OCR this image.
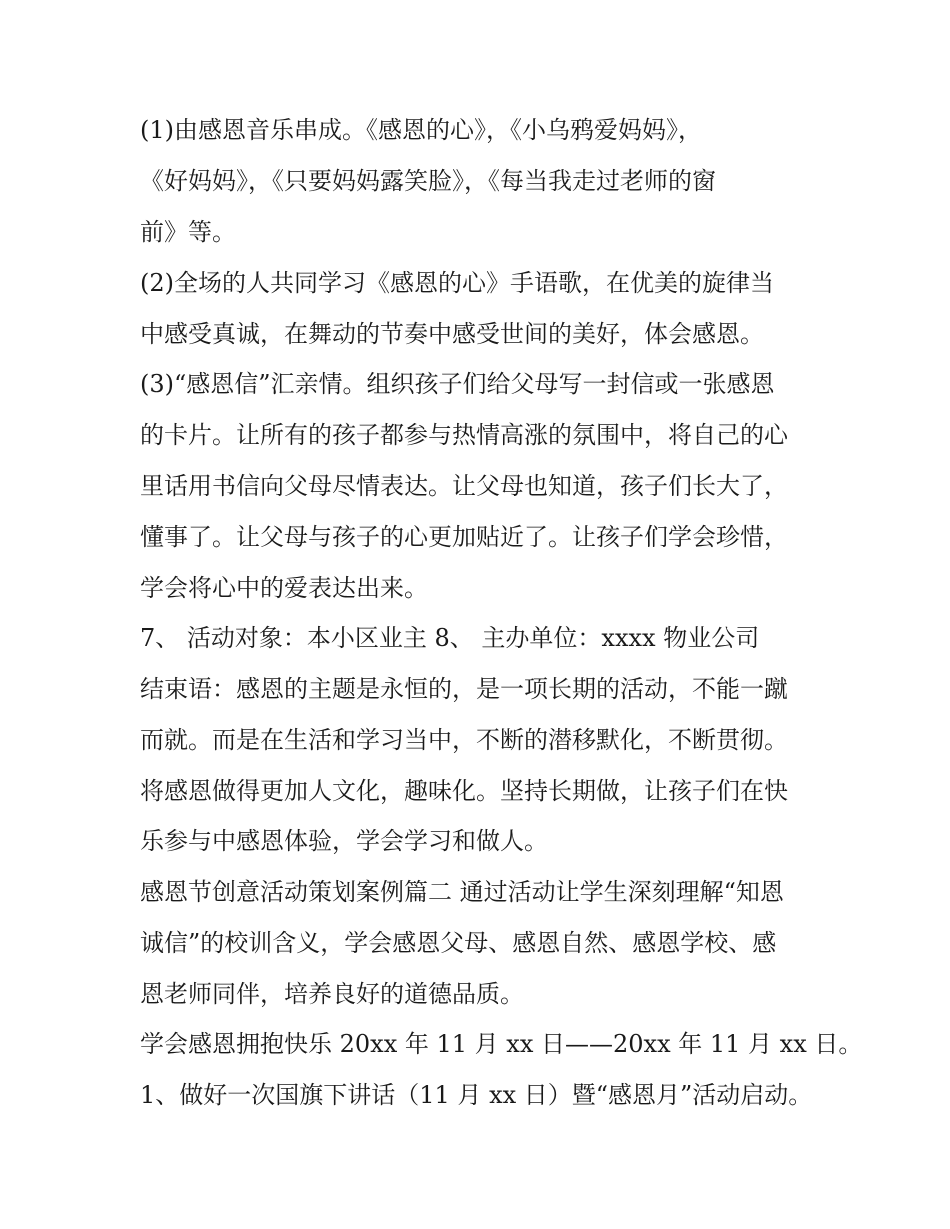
(1)由感恩音乐串成。《感恩的心》，《小乌鸦爱妈妈》，
《好妈妈》，《只要妈妈露笑脸》，《每当我走过老师的窗
前》等。
(2)全场的人共同学习《感恩的心》手语歌，在优美的旋律当
中感受真诚，在舞动的节奏中感受世间的美好，体会感恩。
(3)“感恩信”汇亲情。组织孩子们给父母写一封信或一张感恩
的卡片。让所有的孩子都参与热情高涨的氛围中，将自己的心
里话用书信向父母尽情表达。让父母也知道，孩子们长大了，
懂事了。让父母与孩子的心更加贴近了。让孩子们学会珍惜，
学会将心中的爱表达出来。
7、 活动对象：本小区业主 8、 主办单位：xxxx 物业公司
结束语：感恩的主题是永恒的，是一项长期的活动，不能一蹴
而就。而是在生活和学习当中，不断的潜移默化，不断贯彻。
将感恩做得更加人文化，趣味化。坚持长期做，让孩子们在快
乐参与中感恩体验，学会学习和做人。
感恩节创意活动策划案例篇二 通过活动让学生深刻理解“知恩
诚信”的校训含义，学会感恩父母、感恩自然、感恩学校、感
恩老师同伴，培养良好的道德品质。
学会感恩拥抱快乐 20xx 年 11 月 xx 日——20xx 年 11 月 xx 日。
1、做好一次国旗下讲话（11 月 xx 日）暨“感恩月”活动启动。
